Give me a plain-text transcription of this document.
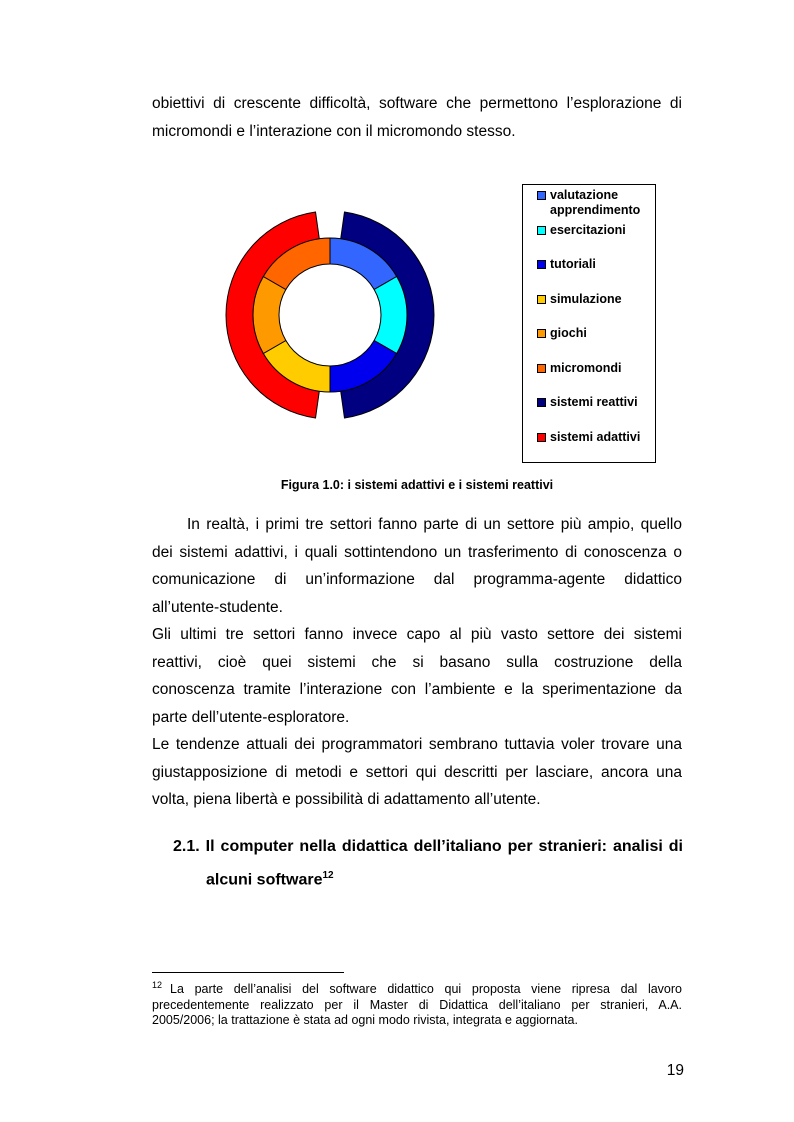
obiettivi di crescente difficoltà, software che permettono l’esplorazione di
micromondi e l’interazione con il micromondo stesso.

valutazione apprendimento
esercitazioni
tutoriali
simulazione
giochi
micromondi
sistemi reattivi
sistemi adattivi
Figura 1.0: i sistemi adattivi e i sistemi reattivi

In realtà, i primi tre settori fanno parte di un settore più ampio, quello
dei sistemi adattivi, i quali sottintendono un trasferimento di conoscenza o
comunicazione di un’informazione dal programma-agente didattico
all’utente-studente.
Gli ultimi tre settori fanno invece capo al più vasto settore dei sistemi
reattivi, cioè quei sistemi che si basano sulla costruzione della
conoscenza tramite l’interazione con l’ambiente e la sperimentazione da
parte dell’utente-esploratore.
Le tendenze attuali dei programmatori sembrano tuttavia voler trovare una
giustapposizione di metodi e settori qui descritti per lasciare, ancora una
volta, piena libertà e possibilità di adattamento all’utente.

2.1. Il computer nella didattica dell’italiano per stranieri: analisi di
alcuni software$^{12}$
$^{12}$ La parte dell’analisi del software didattico qui proposta viene ripresa dal lavoro
precedentemente realizzato per il Master di Didattica dell’italiano per stranieri, A.A.
2005/2006; la trattazione è stata ad ogni modo rivista, integrata e aggiornata.
19
